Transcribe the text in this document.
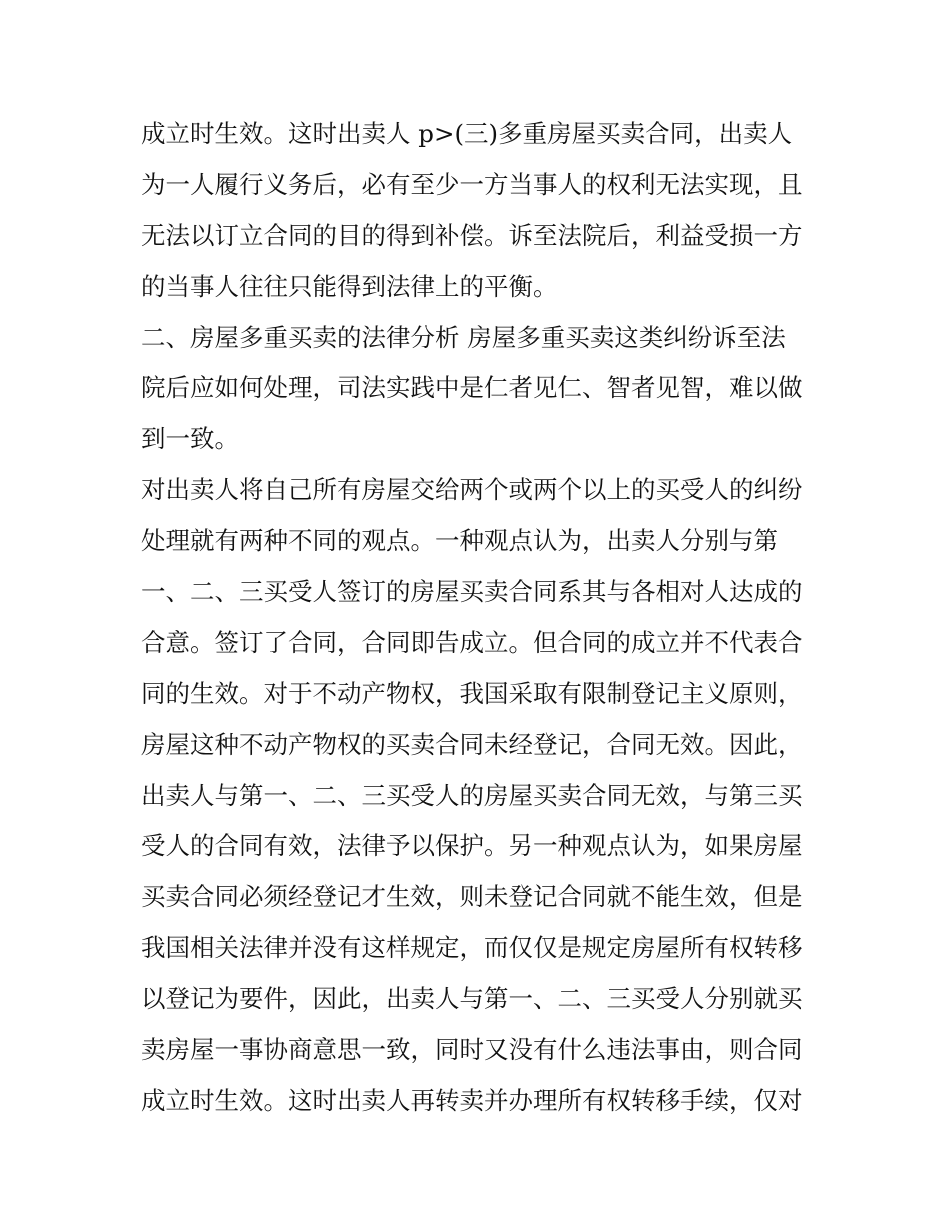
成立时生效。这时出卖人 p>(三)多重房屋买卖合同，出卖人
为一人履行义务后，必有至少一方当事人的权利无法实现，且
无法以订立合同的目的得到补偿。诉至法院后，利益受损一方
的当事人往往只能得到法律上的平衡。
二、房屋多重买卖的法律分析 房屋多重买卖这类纠纷诉至法
院后应如何处理，司法实践中是仁者见仁、智者见智，难以做
到一致。
对出卖人将自己所有房屋交给两个或两个以上的买受人的纠纷
处理就有两种不同的观点。一种观点认为，出卖人分别与第
一、二、三买受人签订的房屋买卖合同系其与各相对人达成的
合意。签订了合同，合同即告成立。但合同的成立并不代表合
同的生效。对于不动产物权，我国采取有限制登记主义原则，
房屋这种不动产物权的买卖合同未经登记，合同无效。因此，
出卖人与第一、二、三买受人的房屋买卖合同无效，与第三买
受人的合同有效，法律予以保护。另一种观点认为，如果房屋
买卖合同必须经登记才生效，则未登记合同就不能生效，但是
我国相关法律并没有这样规定，而仅仅是规定房屋所有权转移
以登记为要件，因此，出卖人与第一、二、三买受人分别就买
卖房屋一事协商意思一致，同时又没有什么违法事由，则合同
成立时生效。这时出卖人再转卖并办理所有权转移手续，仅对
